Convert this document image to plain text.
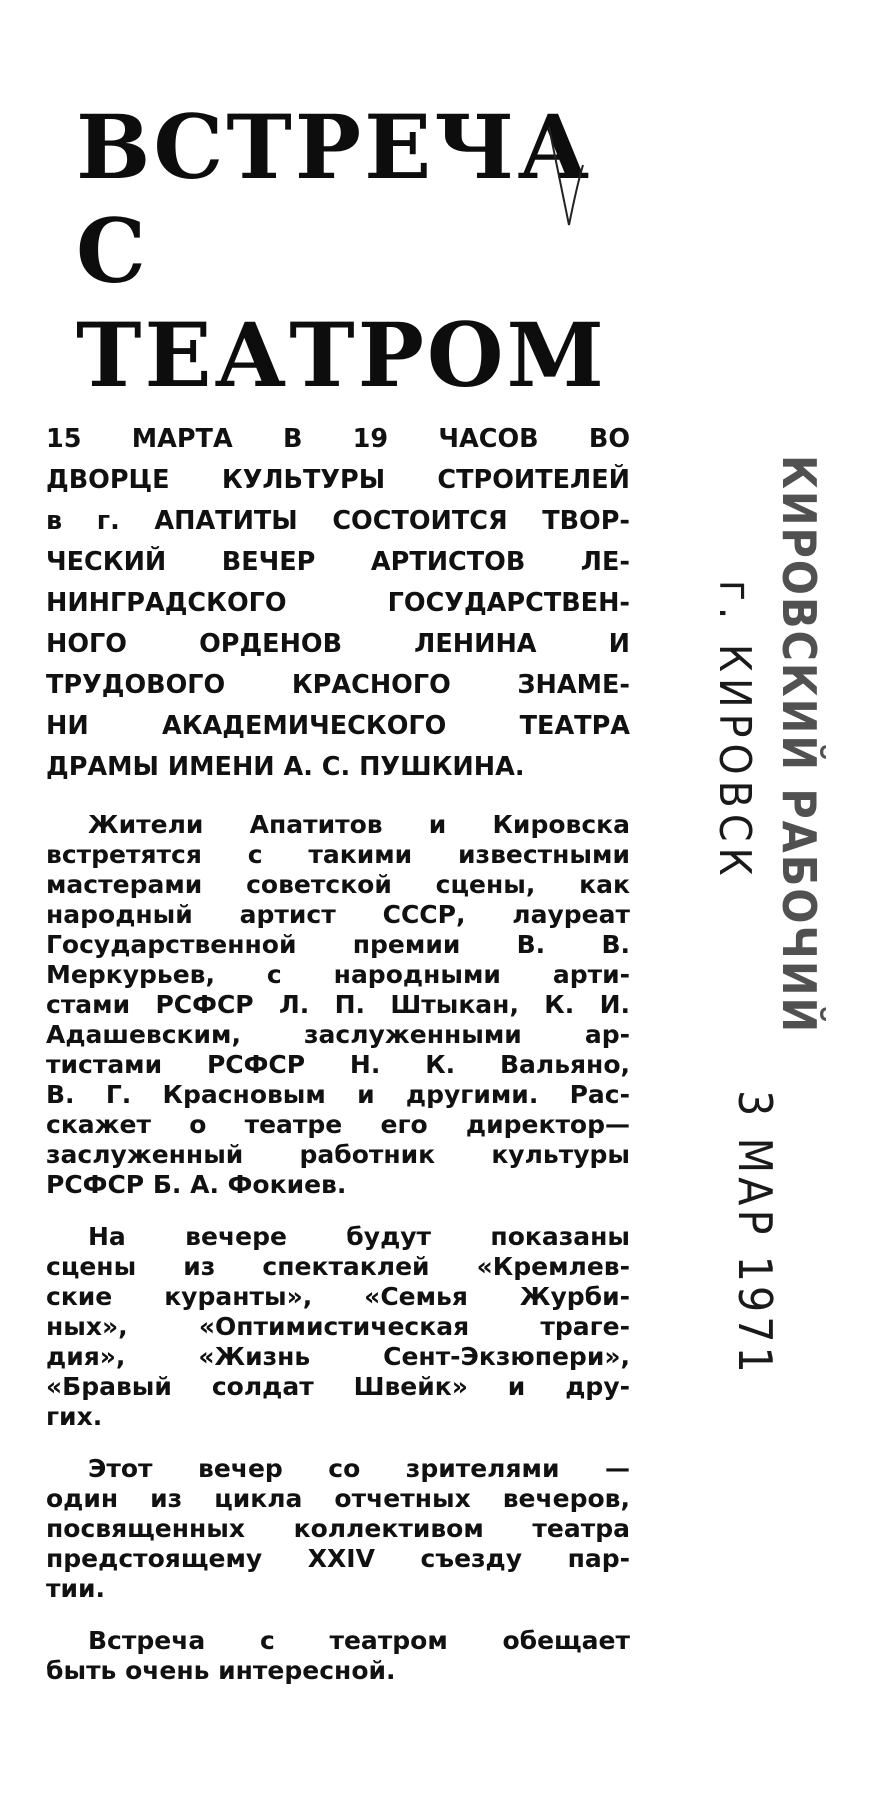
ВСТРЕЧА
С ТЕАТРОМ
15 МАРТА В 19 ЧАСОВ ВО
ДВОРЦЕ КУЛЬТУРЫ СТРОИТЕЛЕЙ
в г. АПАТИТЫ СОСТОИТСЯ ТВОР-
ЧЕСКИЙ ВЕЧЕР АРТИСТОВ ЛЕ-
НИНГРАДСКОГО ГОСУДАРСТВЕН-
НОГО ОРДЕНОВ ЛЕНИНА И
ТРУДОВОГО КРАСНОГО ЗНАМЕ-
НИ АКАДЕМИЧЕСКОГО ТЕАТРА
ДРАМЫ ИМЕНИ А. С. ПУШКИНА.
Жители Апатитов и Кировска
встретятся с такими известными
мастерами советской сцены, как
народный артист СССР, лауреат
Государственной премии В. В.
Меркурьев, с народными арти-
стами РСФСР Л. П. Штыкан, К. И.
Адашевским, заслуженными ар-
тистами РСФСР Н. К. Вальяно,
В. Г. Красновым и другими. Рас-
скажет о театре его директор—
заслуженный работник культуры
РСФСР Б. А. Фокиев.
На вечере будут показаны
сцены из спектаклей «Кремлев-
ские куранты», «Семья Журби-
ных», «Оптимистическая траге-
дия», «Жизнь Сент-Экзюпери»,
«Бравый солдат Швейк» и дру-
гих.
Этот вечер со зрителями —
один из цикла отчетных вечеров,
посвященных коллективом театра
предстоящему XXIV съезду пар-
тии.
Встреча с театром обещает
быть очень интересной.
КИРОВСКИЙ РАБОЧИЙ
г. КИРОВСК
3 МАР 1971
